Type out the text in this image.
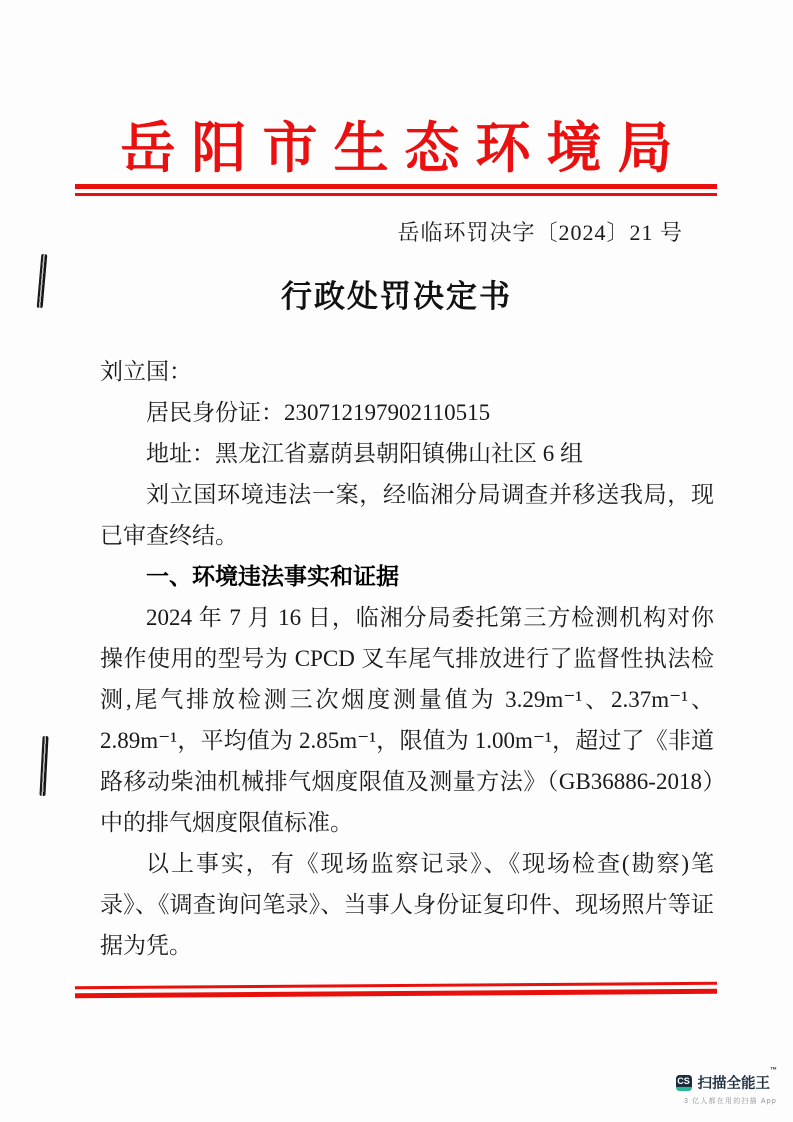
岳阳市生态环境局
岳临环罚决字〔2024〕21 号
行政处罚决定书

刘立国：

居民身份证：230712197902110515

地址：黑龙江省嘉荫县朝阳镇佛山社区 6 组

刘立国环境违法一案，经临湘分局调查并移送我局，现已审查终结。

一、环境违法事实和证据

2024 年 7 月 16 日，临湘分局委托第三方检测机构对你操作使用的型号为 CPCD 叉车尾气排放进行了监督性执法检测,尾气排放检测三次烟度测量值为 3.29m⁻¹、2.37m⁻¹、2.89m⁻¹，平均值为 2.85m⁻¹，限值为 1.00m⁻¹，超过了《非道路移动柴油机械排气烟度限值及测量方法》（GB36886-2018）中的排气烟度限值标准。

以上事实，有《现场监察记录》、《现场检查(勘察)笔录》、《调查询问笔录》、当事人身份证复印件、现场照片等证据为凭。

CS 扫描全能王™
3 亿人都在用的扫描 App
